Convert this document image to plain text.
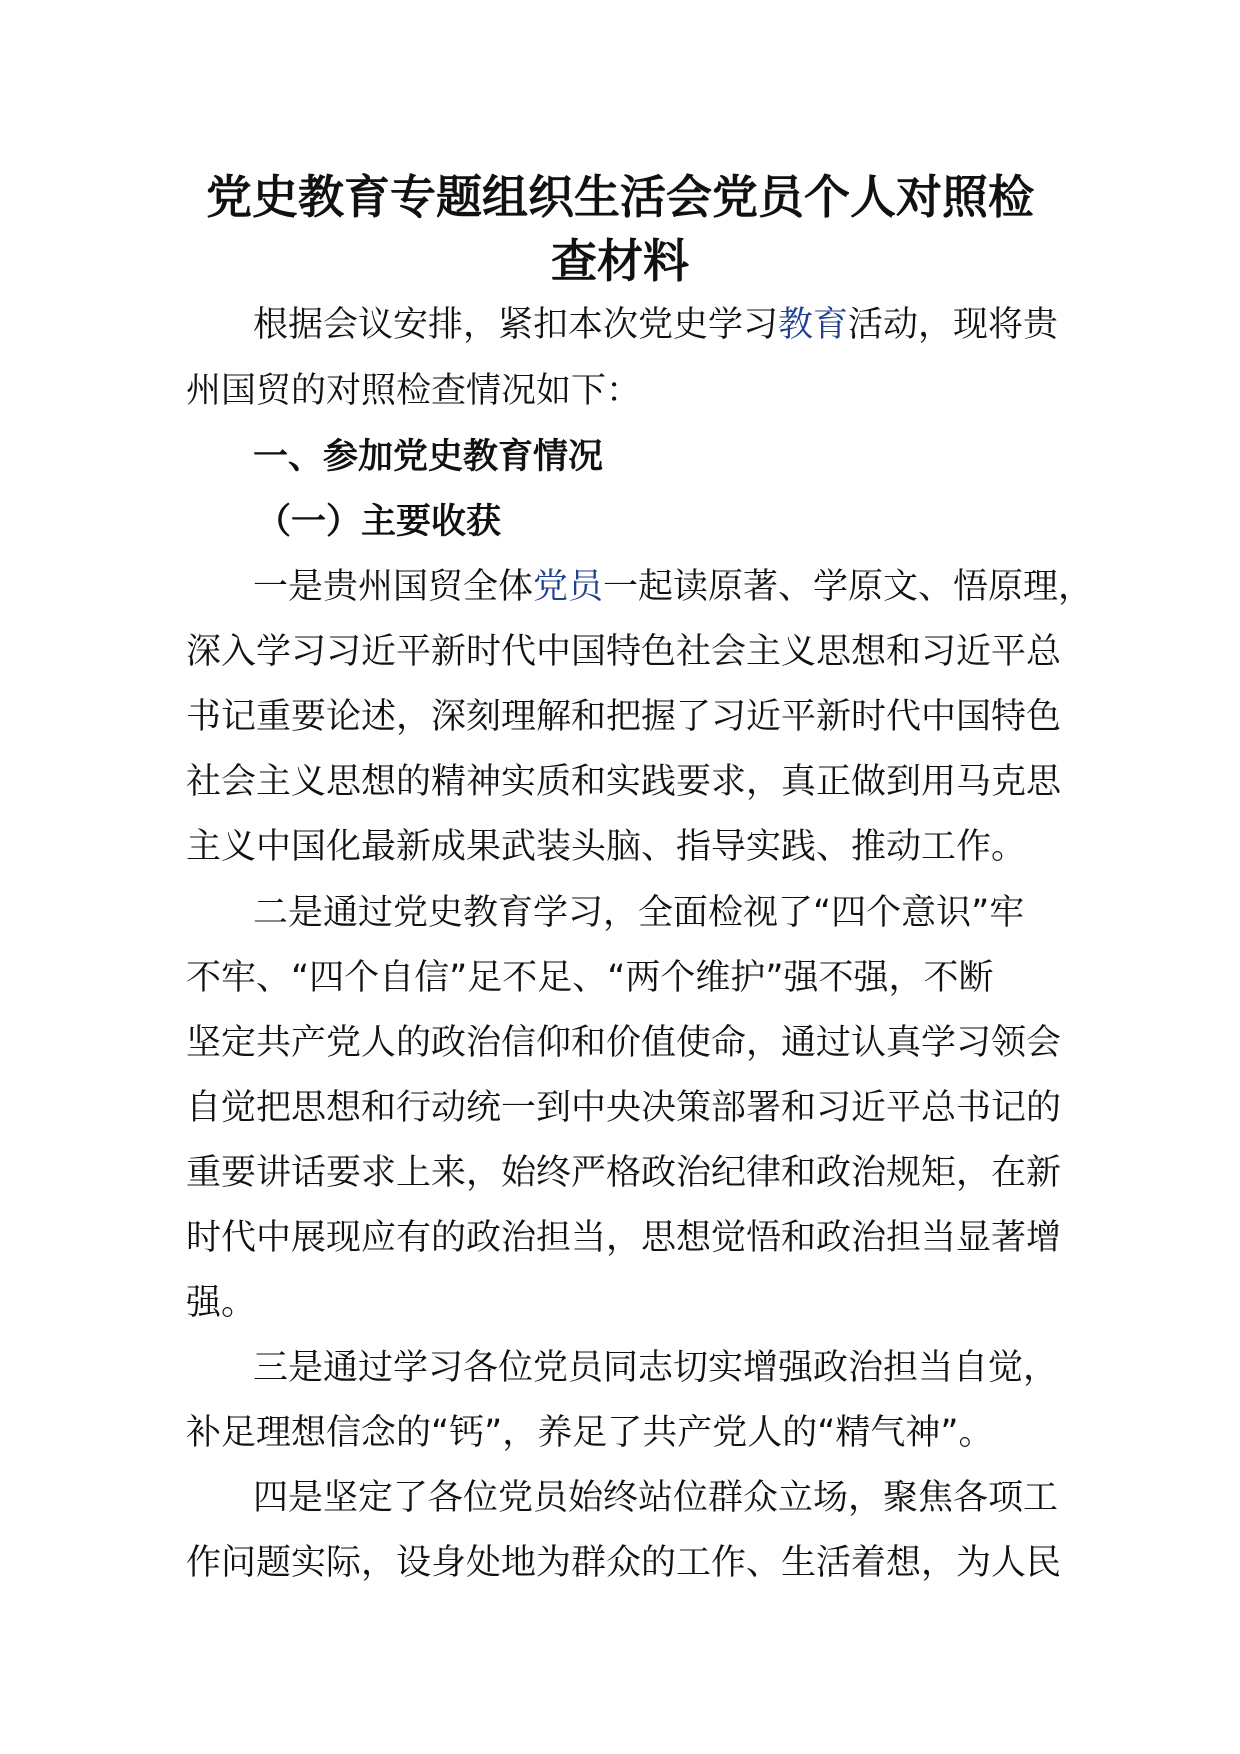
党史教育专题组织生活会党员个人对照检
查材料

根据会议安排，紧扣本次党史学习教育活动，现将贵

州国贸的对照检查情况如下：

一、参加党史教育情况

（一）主要收获

一是贵州国贸全体党员一起读原著、学原文、悟原理，

深入学习习近平新时代中国特色社会主义思想和习近平总

书记重要论述，深刻理解和把握了习近平新时代中国特色

社会主义思想的精神实质和实践要求，真正做到用马克思

主义中国化最新成果武装头脑、指导实践、推动工作。

二是通过党史教育学习，全面检视了“四个意识”牢

不牢、“四个自信”足不足、“两个维护”强不强，不断

坚定共产党人的政治信仰和价值使命，通过认真学习领会

自觉把思想和行动统一到中央决策部署和习近平总书记的

重要讲话要求上来，始终严格政治纪律和政治规矩，在新

时代中展现应有的政治担当，思想觉悟和政治担当显著增

强。

三是通过学习各位党员同志切实增强政治担当自觉，

补足理想信念的“钙”，养足了共产党人的“精气神”。

四是坚定了各位党员始终站位群众立场，聚焦各项工

作问题实际，设身处地为群众的工作、生活着想，为人民
